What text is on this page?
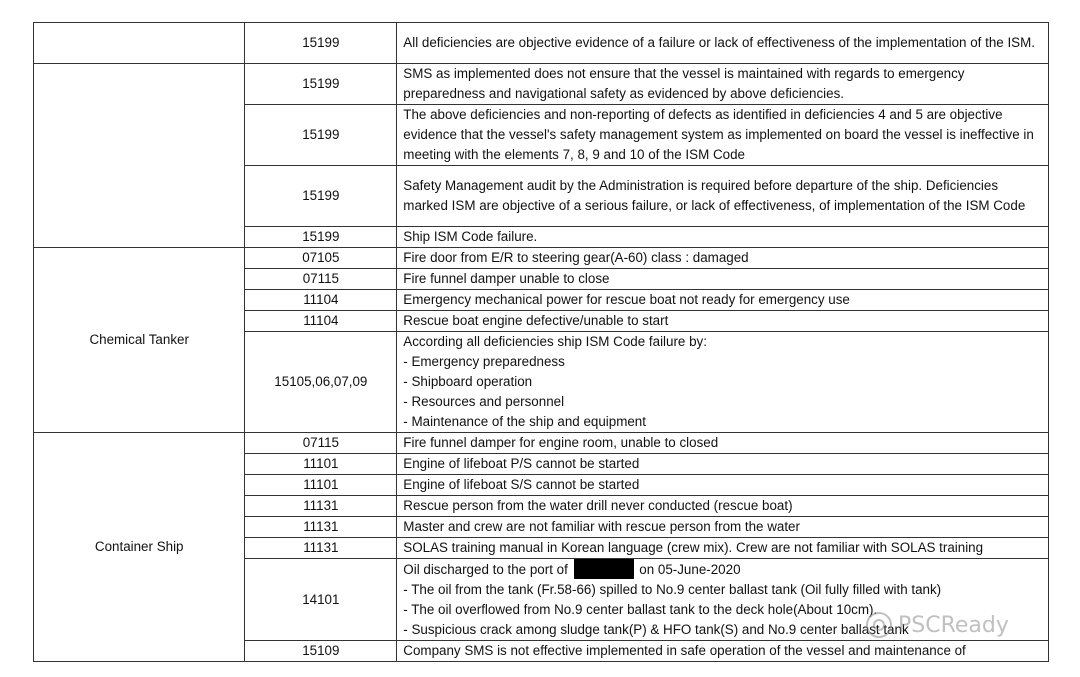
	15199	All deficiencies are objective evidence of a failure or lack of effectiveness of the implementation of the ISM.
	15199	SMS as implemented does not ensure that the vessel is maintained with regards to emergency preparedness and navigational safety as evidenced by above deficiencies.
	15199	The above deficiencies and non-reporting of defects as identified in deficiencies 4 and 5 are objective evidence that the vessel's safety management system as implemented on board the vessel is ineffective in meeting with the elements 7, 8, 9 and 10 of the ISM Code
	15199	Safety Management audit by the Administration is required before departure of the ship. Deficiencies marked ISM are objective of a serious failure, or lack of effectiveness, of implementation of the ISM Code
	15199	Ship ISM Code failure.
Chemical Tanker	07105	Fire door from E/R to steering gear(A-60) class : damaged
	07115	Fire funnel damper unable to close
	11104	Emergency mechanical power for rescue boat not ready for emergency use
	11104	Rescue boat engine defective/unable to start
	15105,06,07,09	According all deficiencies ship ISM Code failure by:
- Emergency preparedness
- Shipboard operation
- Resources and personnel
- Maintenance of the ship and equipment

Container Ship	07115	Fire funnel damper for engine room, unable to closed
	11101	Engine of lifeboat P/S cannot be started
	11101	Engine of lifeboat S/S cannot be started
	11131	Rescue person from the water drill never conducted (rescue boat)
	11131	Master and crew are not familiar with rescue person from the water
	11131	SOLAS training manual in Korean language (crew mix). Crew are not familiar with SOLAS training
	14101	Oil discharged to the port of on 05-June-2020
- The oil from the tank (Fr.58-66) spilled to No.9 center ballast tank (Oil fully filled with tank)
- The oil overflowed from No.9 center ballast tank to the deck hole(About 10cm).
- Suspicious crack among sludge tank(P) & HFO tank(S) and No.9 center ballast tank

	15109	Company SMS is not effective implemented in safe operation of the vessel and maintenance of
PSCReady
